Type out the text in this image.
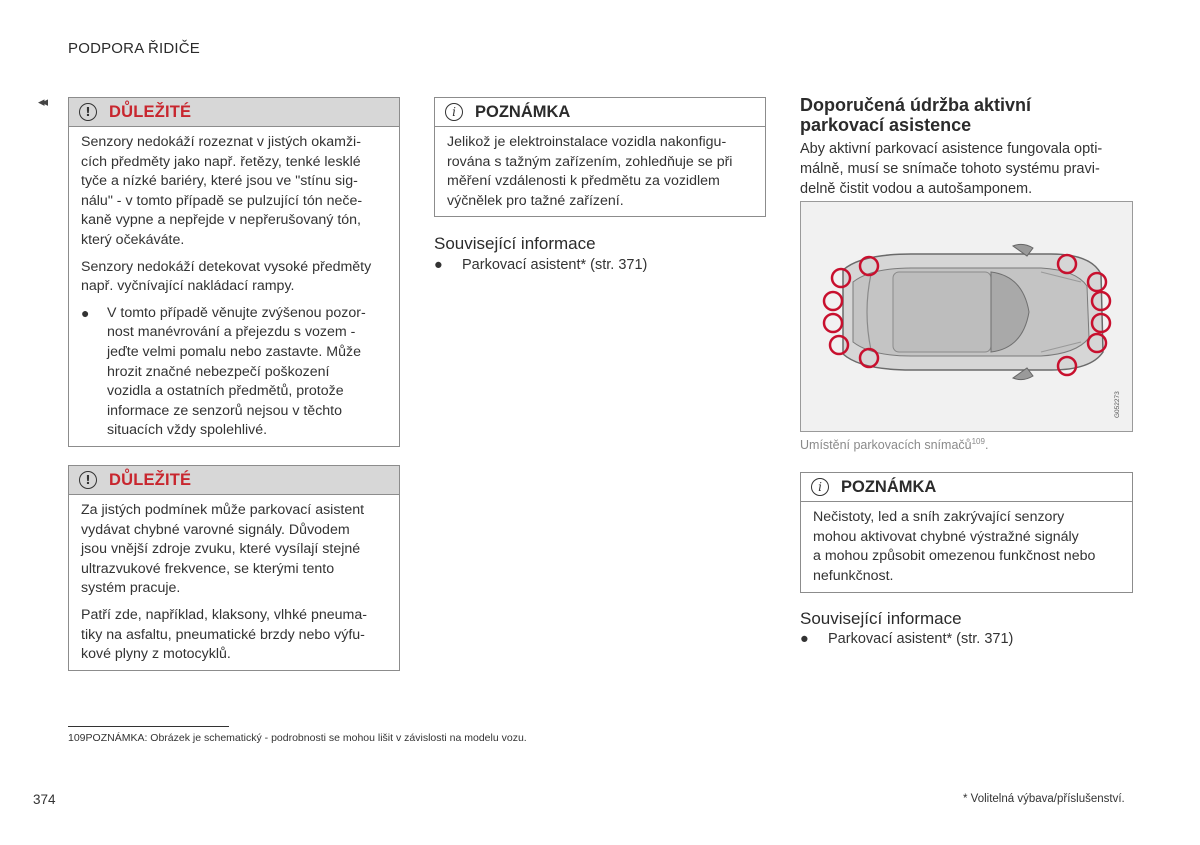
PODPORA ŘIDIČE
◂◂
!	DŮLEŽITÉ

Senzory nedokáží rozeznat v jistých okamži-
cích předměty jako např. řetězy, tenké lesklé
tyče a nízké bariéry, které jsou ve "stínu sig-
nálu" - v tomto případě se pulzující tón neče-
kaně vypne a nepřejde v nepřerušovaný tón,
který očekáváte.

Senzory nedokáží detekovat vysoké předměty
např. vyčnívající nakládací rampy.

●	V tomto případě věnujte zvýšenou pozor-
nost manévrování a přejezdu s vozem -
jeďte velmi pomalu nebo zastavte. Může
hrozit značné nebezpečí poškození
vozidla a ostatních předmětů, protože
informace ze senzorů nejsou v těchto
situacích vždy spolehlivé.
!	DŮLEŽITÉ

Za jistých podmínek může parkovací asistent
vydávat chybné varovné signály. Důvodem
jsou vnější zdroje zvuku, které vysílají stejné
ultrazvukové frekvence, se kterými tento
systém pracuje.

Patří zde, například, klaksony, vlhké pneuma-
tiky na asfaltu, pneumatické brzdy nebo výfu-
kové plyny z motocyklů.

i	POZNÁMKA
Jelikož je elektroinstalace vozidla nakonfigu-
rována s tažným zařízením, zohledňuje se při
měření vzdálenosti k předmětu za vozidlem
výčnělek pro tažné zařízení.
Související informace
●	Parkovací asistent* (str. 371)
Doporučená údržba aktivní
parkovací asistence
Aby aktivní parkovací asistence fungovala opti-
málně, musí se snímače tohoto systému pravi-
delně čistit vodou a autošamponem.
G052273
Umístění parkovacích snímačů$^{109}$.
i	POZNÁMKA
Nečistoty, led a sníh zakrývající senzory
mohou aktivovat chybné výstražné signály
a mohou způsobit omezenou funkčnost nebo
nefunkčnost.
Související informace
●	Parkovací asistent* (str. 371)
109POZNÁMKA: Obrázek je schematický - podrobnosti se mohou lišit v závislosti na modelu vozu.
374	* Volitelná výbava/příslušenství.
